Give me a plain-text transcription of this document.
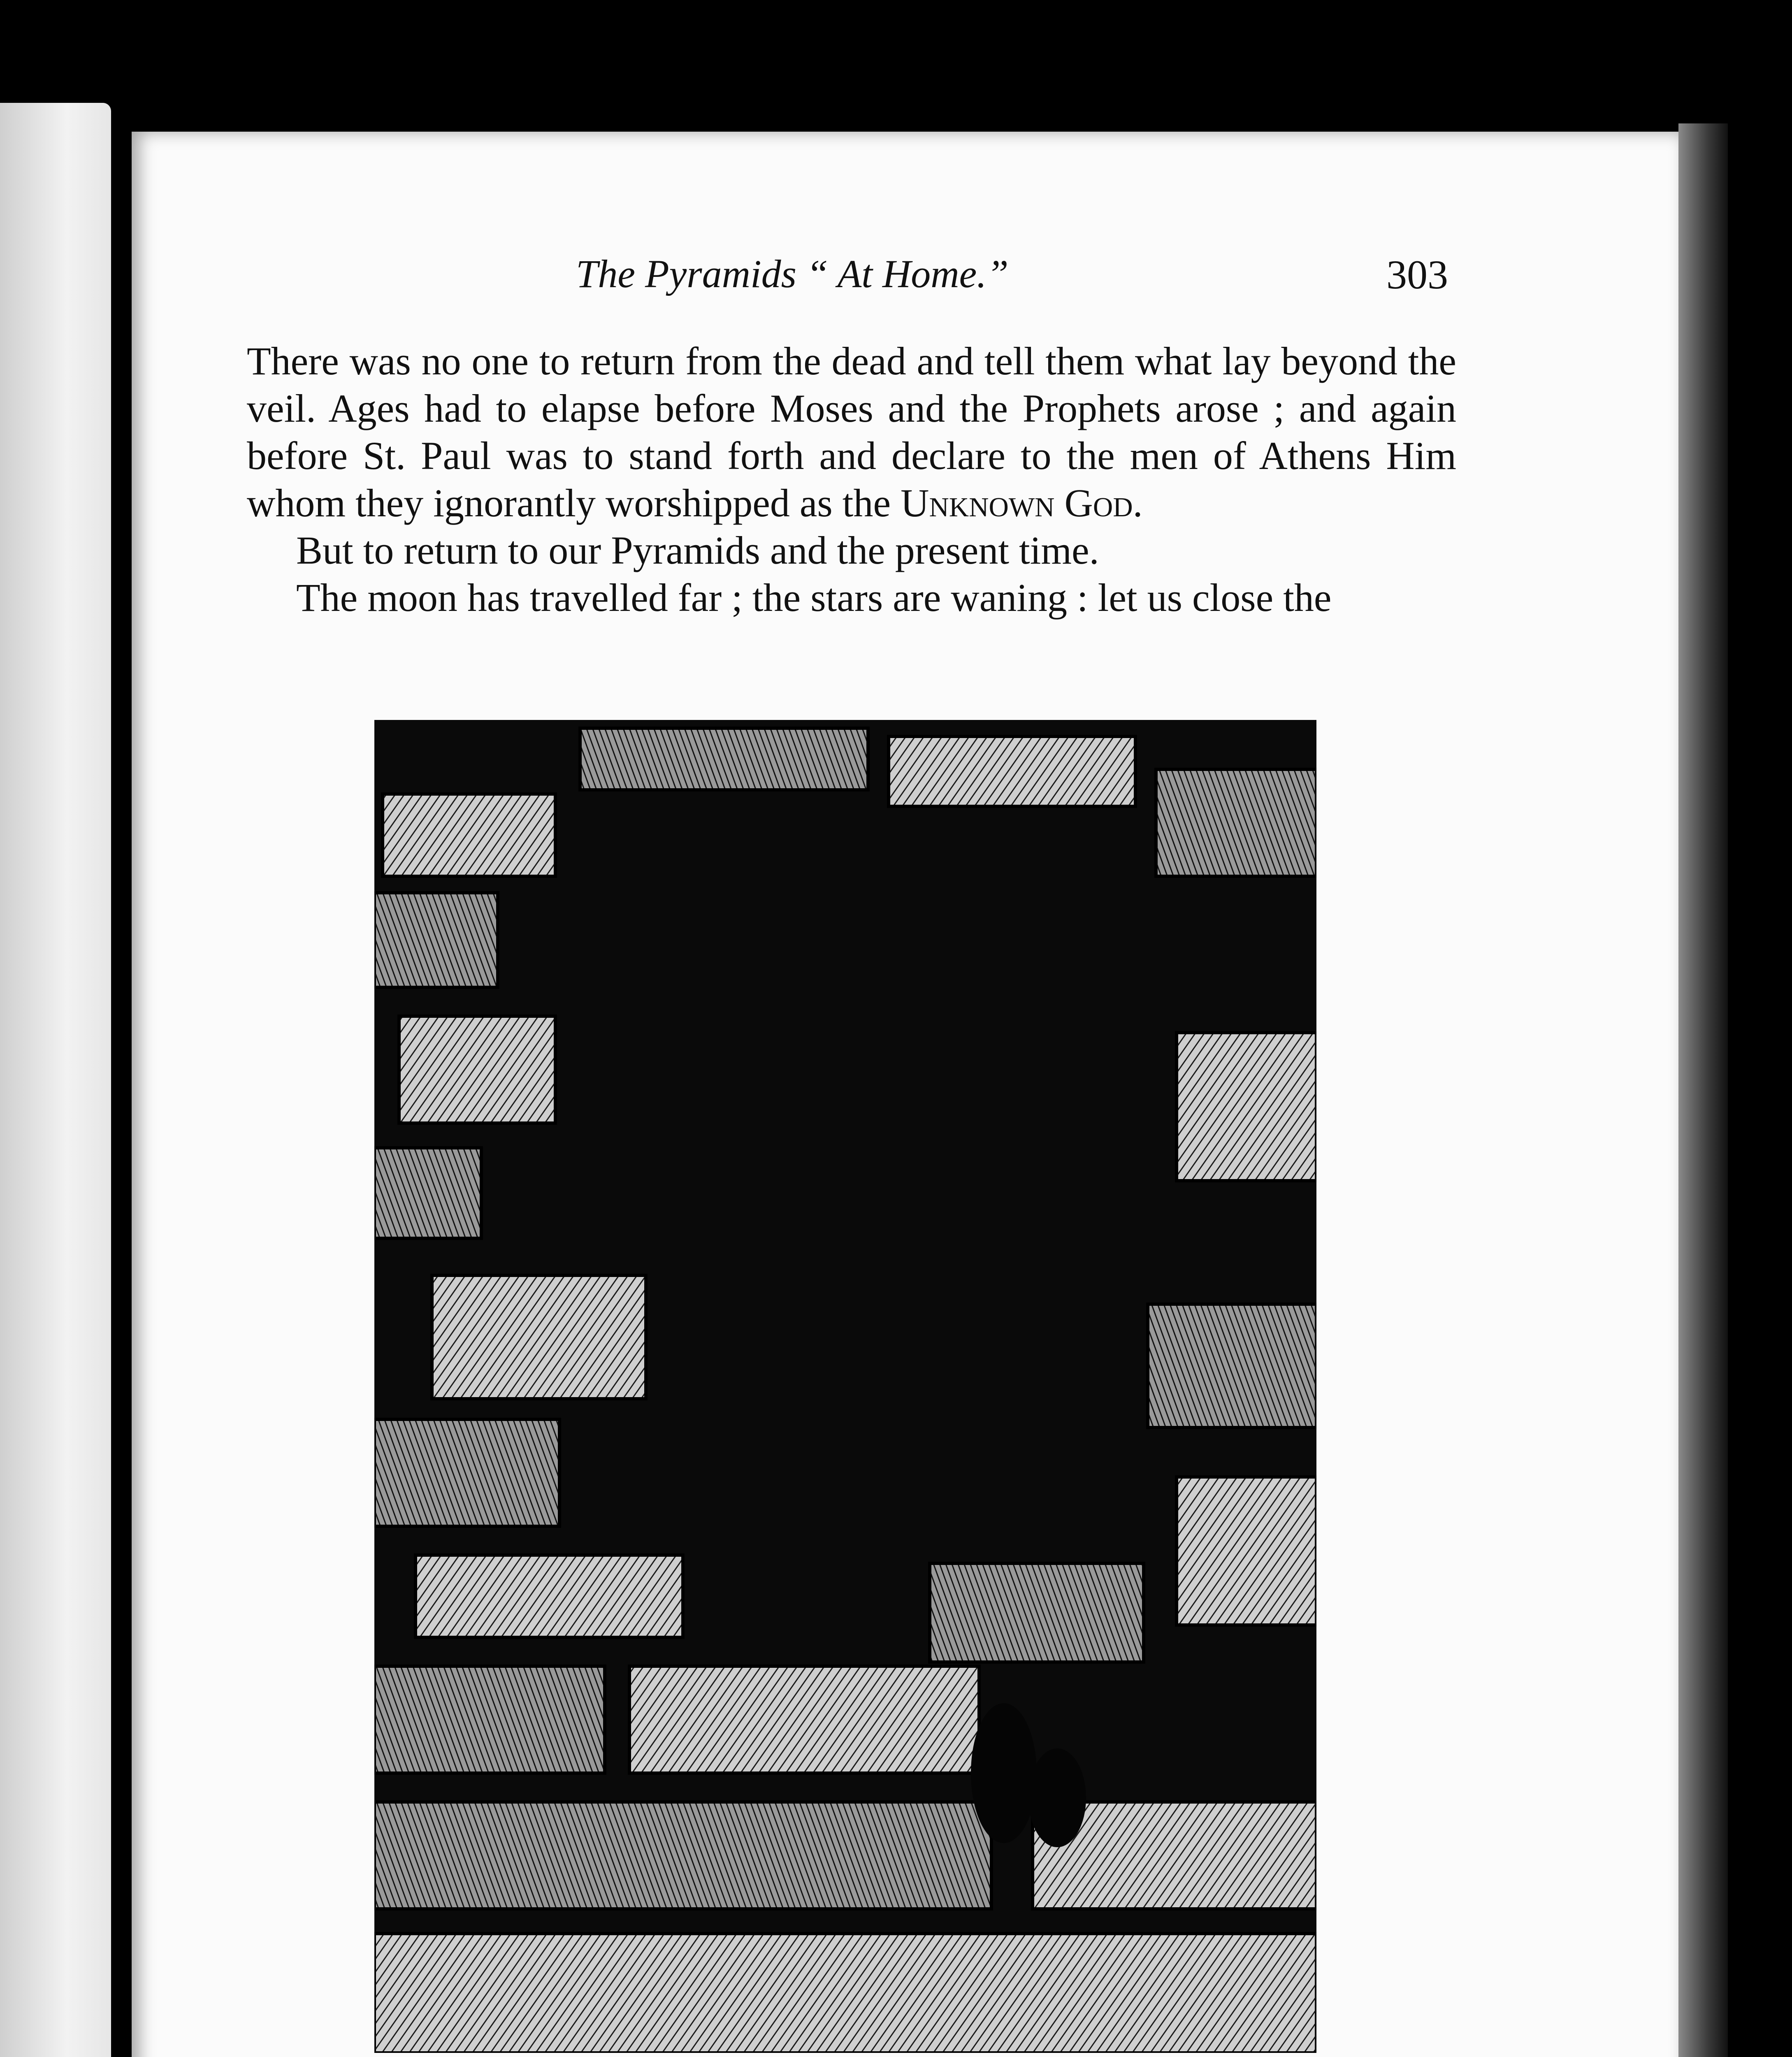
The Pyramids “ At Home.”	303

There was no one to return from the dead and tell them what lay beyond the veil. Ages had to elapse before Moses and the Prophets arose ; and again before St. Paul was to stand forth and declare to the men of Athens Him whom they ignorantly worshipped as the Unknown God.

But to return to our Pyramids and the present time.

The moon has travelled far ; the stars are waning : let us close the
